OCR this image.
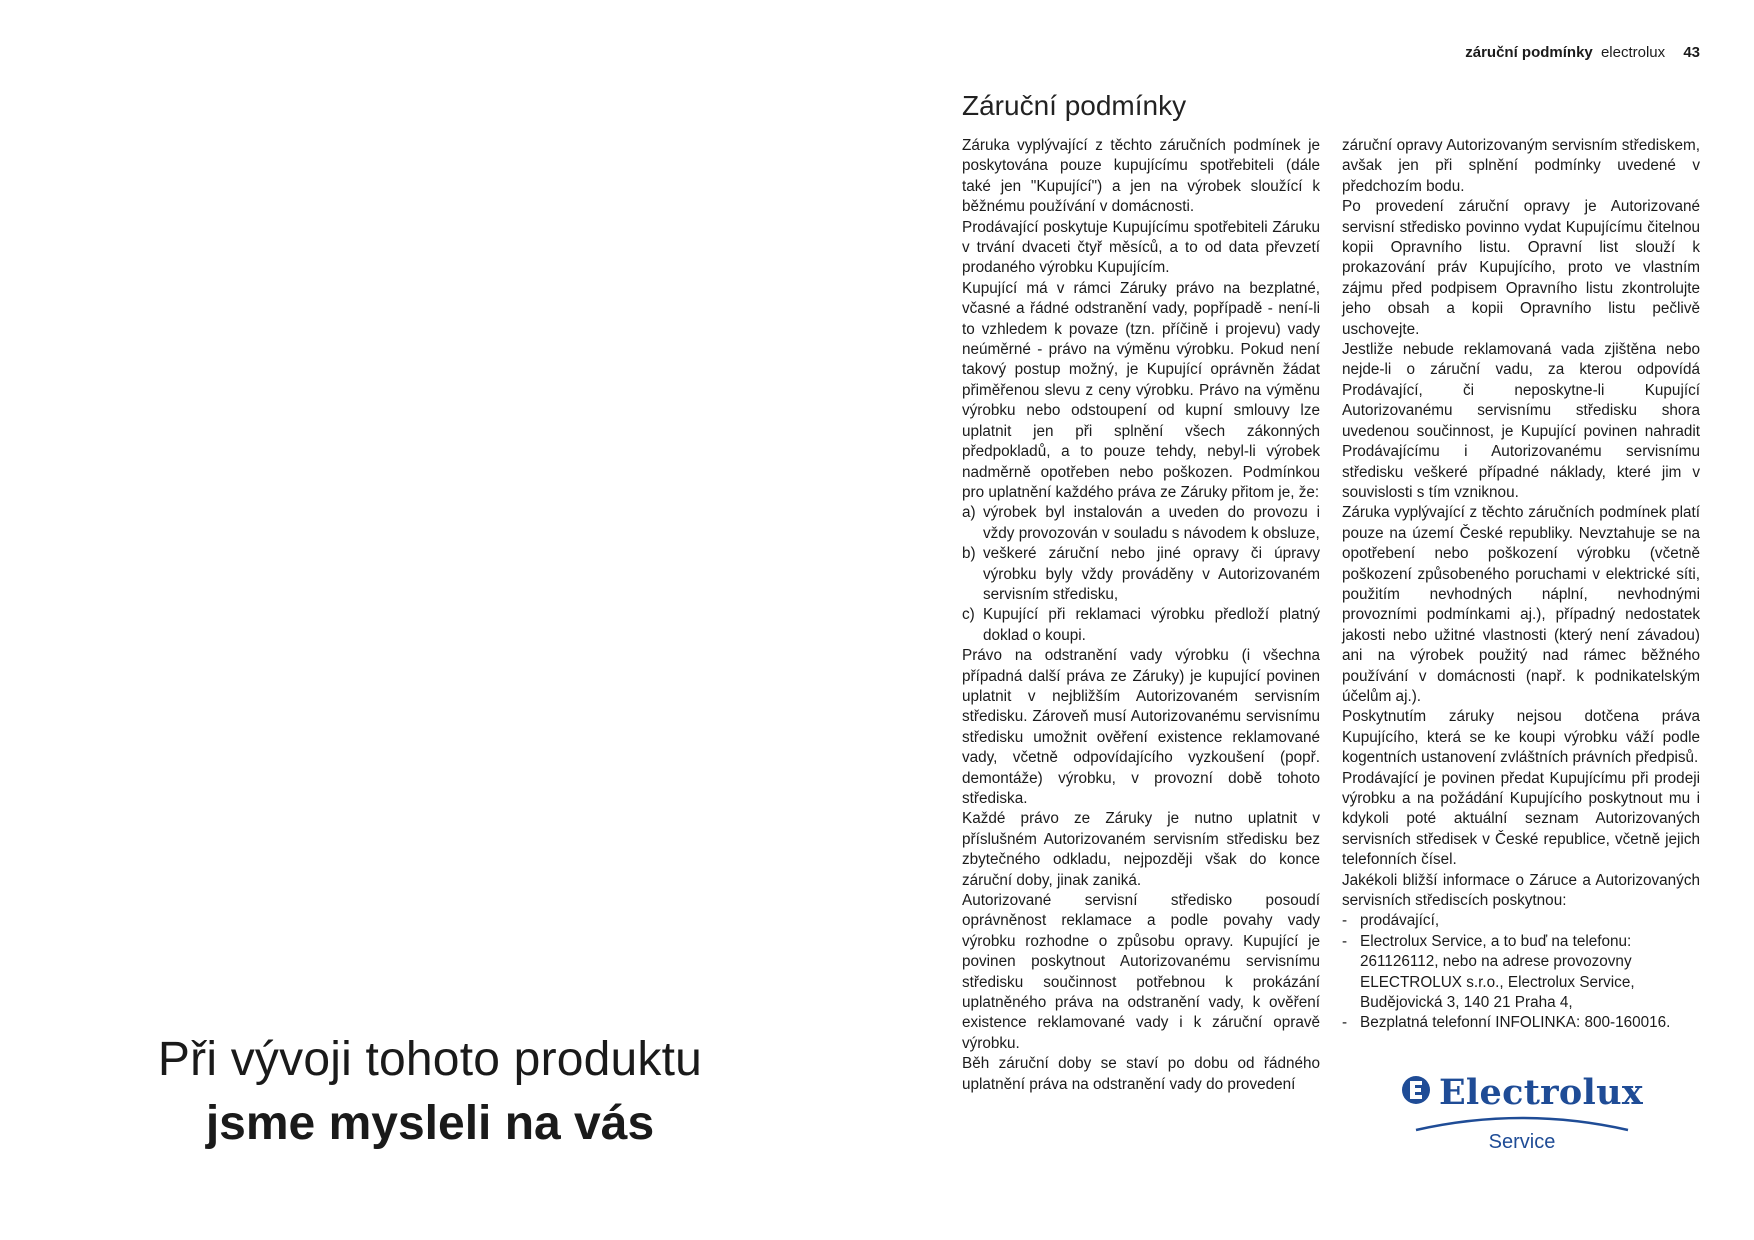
Při vývoji tohoto produktu
jsme mysleli na vás
záruční podmínky electrolux 43
Záruční podmínky

Záruka vyplývající z těchto záručních podmínek je poskytována pouze kupujícímu spotřebiteli (dále také jen "Kupující") a jen na výrobek sloužící k běžnému používání v domácnosti.

Prodávající poskytuje Kupujícímu spotřebiteli Záruku v trvání dvaceti čtyř měsíců, a to od data převzetí prodaného výrobku Kupujícím.

Kupující má v rámci Záruky právo na bezplatné, včasné a řádné odstranění vady, popřípadě - není-li to vzhledem k povaze (tzn. příčině i projevu) vady neúměrné - právo na výměnu výrobku. Pokud není takový postup možný, je Kupující oprávněn žádat přiměřenou slevu z ceny výrobku. Právo na výměnu výrobku nebo odstoupení od kupní smlouvy lze uplatnit jen při splnění všech zákonných předpokladů, a to pouze tehdy, nebyl-li výrobek nadměrně opotřeben nebo poškozen. Podmínkou pro uplatnění každého práva ze Záruky přitom je, že:

a) výrobek byl instalován a uveden do provozu i vždy provozován v souladu s návodem k obsluze,
b) veškeré záruční nebo jiné opravy či úpravy výrobku byly vždy prováděny v Autorizovaném servisním středisku,
c) Kupující při reklamaci výrobku předloží platný doklad o koupi.

Právo na odstranění vady výrobku (i všechna případná další práva ze Záruky) je kupující povinen uplatnit v nejbližším Autorizovaném servisním středisku. Zároveň musí Autorizovanému servisnímu středisku umožnit ověření existence reklamované vady, včetně odpovídajícího vyzkoušení (popř. demontáže) výrobku, v provozní době tohoto střediska.

Každé právo ze Záruky je nutno uplatnit v příslušném Autorizovaném servisním středisku bez zbytečného odkladu, nejpozději však do konce záruční doby, jinak zaniká.

Autorizované servisní středisko posoudí oprávněnost reklamace a podle povahy vady výrobku rozhodne o způsobu opravy. Kupující je povinen poskytnout Autorizovanému servisnímu středisku součinnost potřebnou k prokázání uplatněného práva na odstranění vady, k ověření existence reklamované vady i k záruční opravě výrobku.

Běh záruční doby se staví po dobu od řádného uplatnění práva na odstranění vady do provedení

záruční opravy Autorizovaným servisním střediskem, avšak jen při splnění podmínky uvedené v předchozím bodu.

Po provedení záruční opravy je Autorizované servisní středisko povinno vydat Kupujícímu čitelnou kopii Opravního listu. Opravní list slouží k prokazování práv Kupujícího, proto ve vlastním zájmu před podpisem Opravního listu zkontrolujte jeho obsah a kopii Opravního listu pečlivě uschovejte.

Jestliže nebude reklamovaná vada zjištěna nebo nejde-li o záruční vadu, za kterou odpovídá Prodávající, či neposkytne-li Kupující Autorizovanému servisnímu středisku shora uvedenou součinnost, je Kupující povinen nahradit Prodávajícímu i Autorizovanému servisnímu středisku veškeré případné náklady, které jim v souvislosti s tím vzniknou.

Záruka vyplývající z těchto záručních podmínek platí pouze na území České republiky. Nevztahuje se na opotřebení nebo poškození výrobku (včetně poškození způsobeného poruchami v elektrické síti, použitím nevhodných náplní, nevhodnými provozními podmínkami aj.), případný nedostatek jakosti nebo užitné vlastnosti (který není závadou) ani na výrobek použitý nad rámec běžného používání v domácnosti (např. k podnikatelským účelům aj.).

Poskytnutím záruky nejsou dotčena práva Kupujícího, která se ke koupi výrobku váží podle kogentních ustanovení zvláštních právních předpisů.

Prodávající je povinen předat Kupujícímu při prodeji výrobku a na požádání Kupujícího poskytnout mu i kdykoli poté aktuální seznam Autorizovaných servisních středisek v České republice, včetně jejich telefonních čísel.

Jakékoli bližší informace o Záruce a Autorizovaných servisních střediscích poskytnou:

- prodávající,
- Electrolux Service, a to buď na telefonu: 261126112, nebo na adrese provozovny ELECTROLUX s.r.o., Electrolux Service, Budějovická 3, 140 21 Praha 4,
- Bezplatná telefonní INFOLINKA: 800-160016.
Electrolux
Service
